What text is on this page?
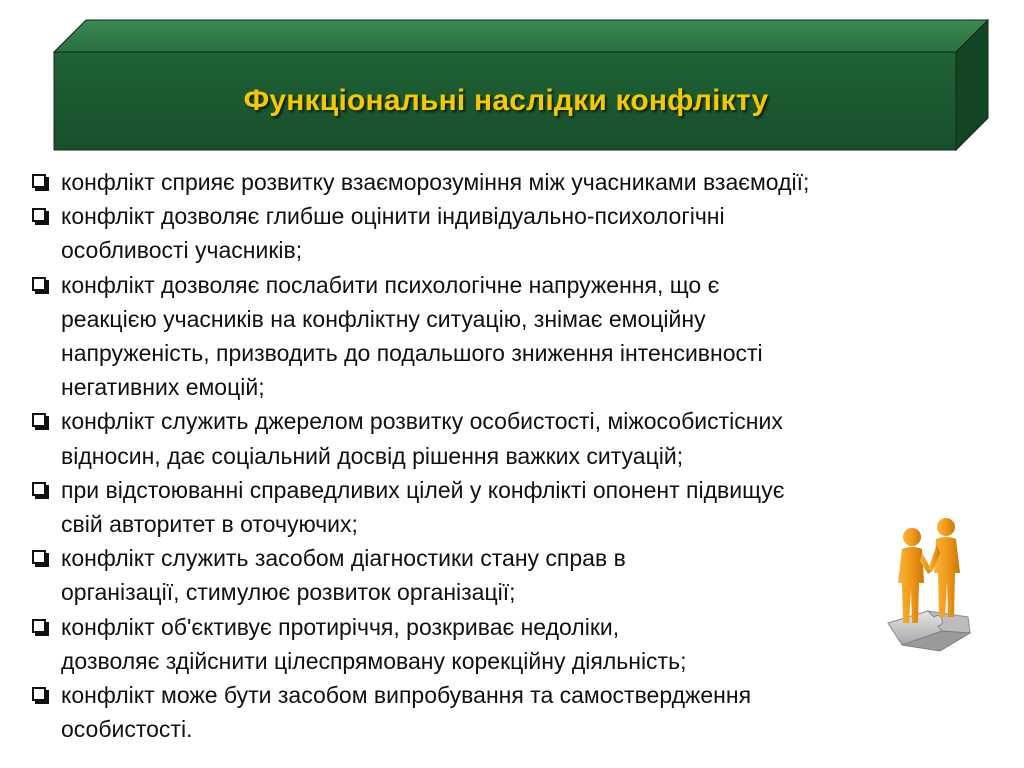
Функціональні наслідки конфлікту
конфлікт сприяє розвитку взаєморозуміння між учасниками взаємодії;
конфлікт дозволяє глибше оцінити індивідуально-психологічні
особливості учасників;
конфлікт дозволяє послабити психологічне напруження, що є
реакцією учасників на конфліктну ситуацію, знімає емоційну
напруженість, призводить до подальшого зниження інтенсивності
негативних емоцій;
конфлікт служить джерелом розвитку особистості, міжособистісних
відносин, дає соціальний досвід рішення важких ситуацій;
при відстоюванні справедливих цілей у конфлікті опонент підвищує
свій авторитет в оточуючих;
конфлікт служить засобом діагностики стану справ в
організації, стимулює розвиток організації;
конфлікт об'єктивує протиріччя, розкриває недоліки,
дозволяє здійснити цілеспрямовану корекційну діяльність;
конфлікт може бути засобом випробування та самоствердження
особистості.
